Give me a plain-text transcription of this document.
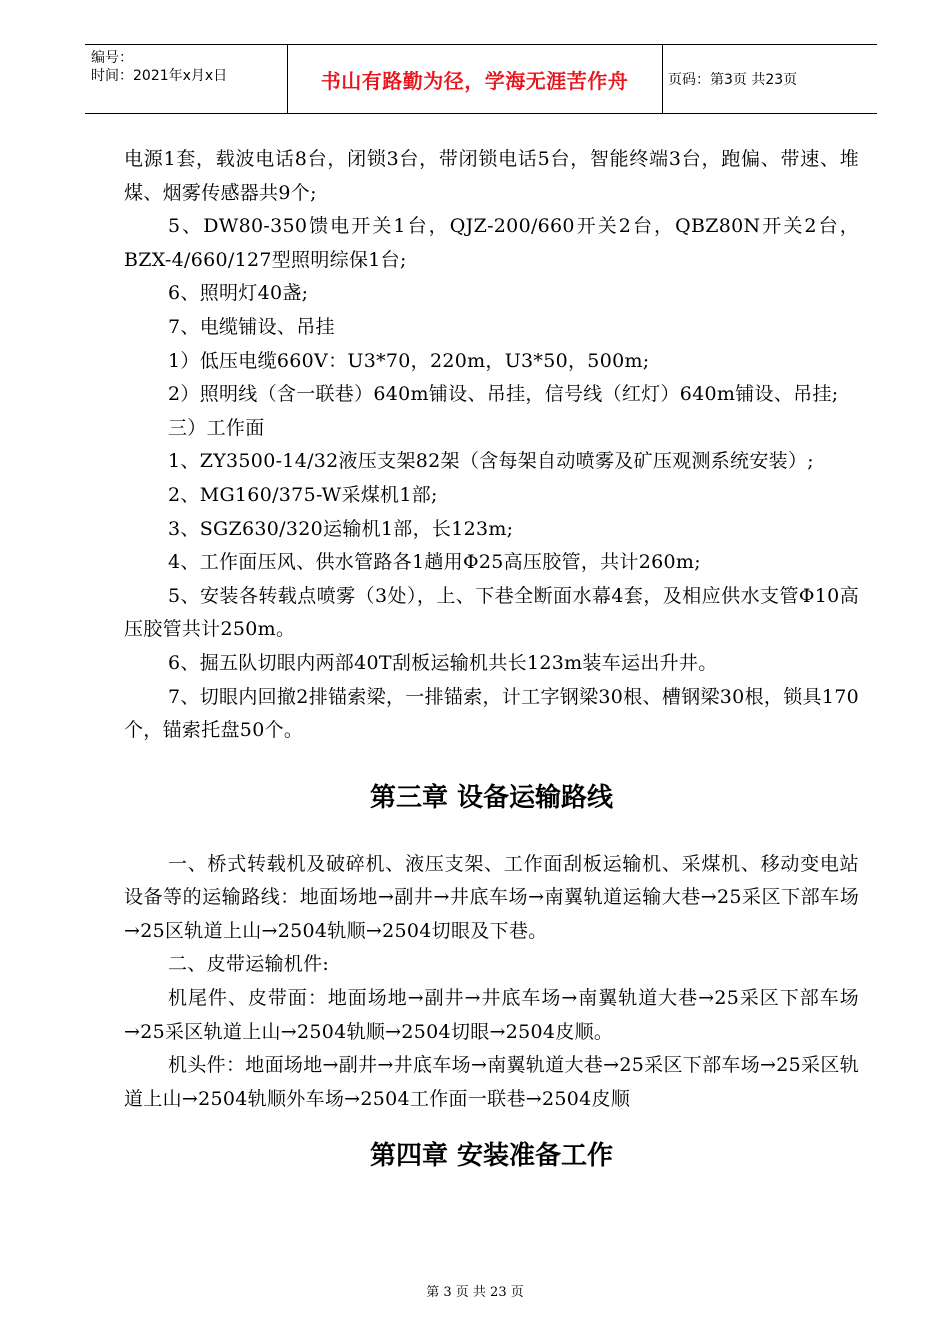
编号：
时间：2021年x月x日	书山有路勤为径，学海无涯苦作舟	页码：第3页 共23页

电源1套，载波电话8台，闭锁3台，带闭锁电话5台，智能终端3台，跑偏、带速、堆煤、烟雾传感器共9个;

5、DW80-350馈电开关1台，QJZ-200/660开关2台，QBZ80N开关2台，BZX-4/660/127型照明综保1台;

6、照明灯40盏;

7、电缆铺设、吊挂

1）低压电缆660V：U3*70，220m，U3*50，500m;

2）照明线（含一联巷）640m铺设、吊挂，信号线（红灯）640m铺设、吊挂;

三）工作面

1、ZY3500-14/32液压支架82架（含每架自动喷雾及矿压观测系统安装）;

2、MG160/375-W采煤机1部;

3、SGZ630/320运输机1部，长123m;

4、工作面压风、供水管路各1趟用Φ25高压胶管，共计260m;

5、安装各转载点喷雾（3处），上、下巷全断面水幕4套，及相应供水支管Φ10高压胶管共计250m。

6、掘五队切眼内两部40T刮板运输机共长123m装车运出升井。

7、切眼内回撤2排锚索梁，一排锚索，计工字钢梁30根、槽钢梁30根，锁具170个，锚索托盘50个。

第三章 设备运输路线

一、桥式转载机及破碎机、液压支架、工作面刮板运输机、采煤机、移动变电站设备等的运输路线：地面场地→副井→井底车场→南翼轨道运输大巷→25采区下部车场→25区轨道上山→2504轨顺→2504切眼及下巷。

二、皮带运输机件:

机尾件、皮带面：地面场地→副井→井底车场→南翼轨道大巷→25采区下部车场→25采区轨道上山→2504轨顺→2504切眼→2504皮顺。

机头件：地面场地→副井→井底车场→南翼轨道大巷→25采区下部车场→25采区轨道上山→2504轨顺外车场→2504工作面一联巷→2504皮顺

第四章 安装准备工作
第 3 页 共 23 页
